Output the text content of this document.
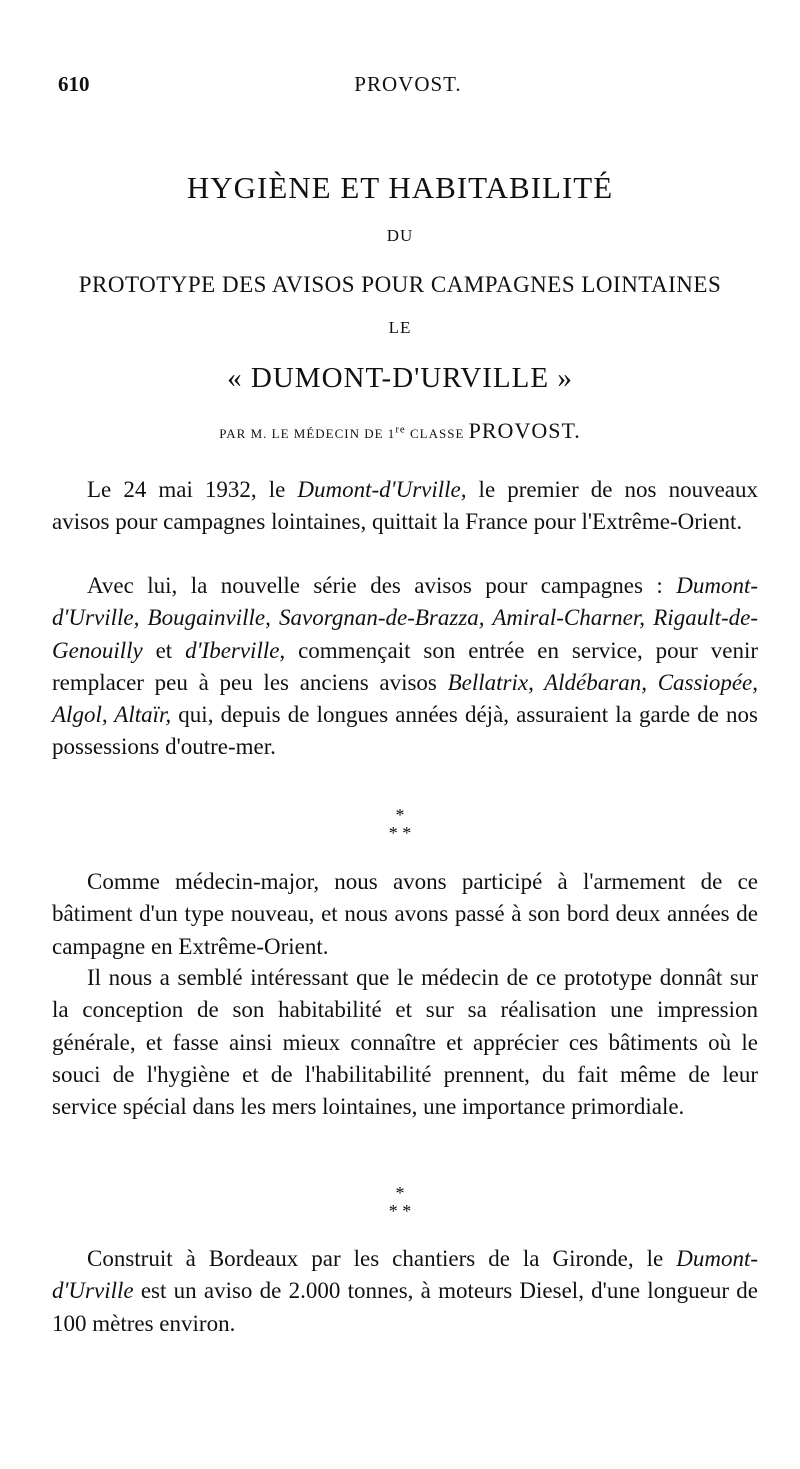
610	PROVOST.
HYGIÈNE ET HABITABILITÉ
DU
PROTOTYPE DES AVISOS POUR CAMPAGNES LOINTAINES
LE
« DUMONT-D'URVILLE »
PAR M. LE MÉDECIN DE 1re CLASSE PROVOST.

Le 24 mai 1932, le Dumont-d'Urville, le premier de nos nouveaux avisos pour campagnes lointaines, quittait la France pour l'Extrême-Orient.

Avec lui, la nouvelle série des avisos pour campagnes : Dumont-d'Urville, Bougainville, Savorgnan-de-Brazza, Amiral-Charner, Rigault-de-Genouilly et d'Iberville, commençait son entrée en service, pour venir remplacer peu à peu les anciens avisos Bellatrix, Aldébaran, Cassiopée, Algol, Altaïr, qui, depuis de longues années déjà, assuraient la garde de nos possessions d'outre-mer.

*
* *

Comme médecin-major, nous avons participé à l'armement de ce bâtiment d'un type nouveau, et nous avons passé à son bord deux années de campagne en Extrême-Orient.

Il nous a semblé intéressant que le médecin de ce prototype donnât sur la conception de son habitabilité et sur sa réalisation une impression générale, et fasse ainsi mieux connaître et apprécier ces bâtiments où le souci de l'hygiène et de l'habilitabilité prennent, du fait même de leur service spécial dans les mers lointaines, une importance primordiale.

*
* *

Construit à Bordeaux par les chantiers de la Gironde, le Dumont-d'Urville est un aviso de 2.000 tonnes, à moteurs Diesel, d'une longueur de 100 mètres environ.
